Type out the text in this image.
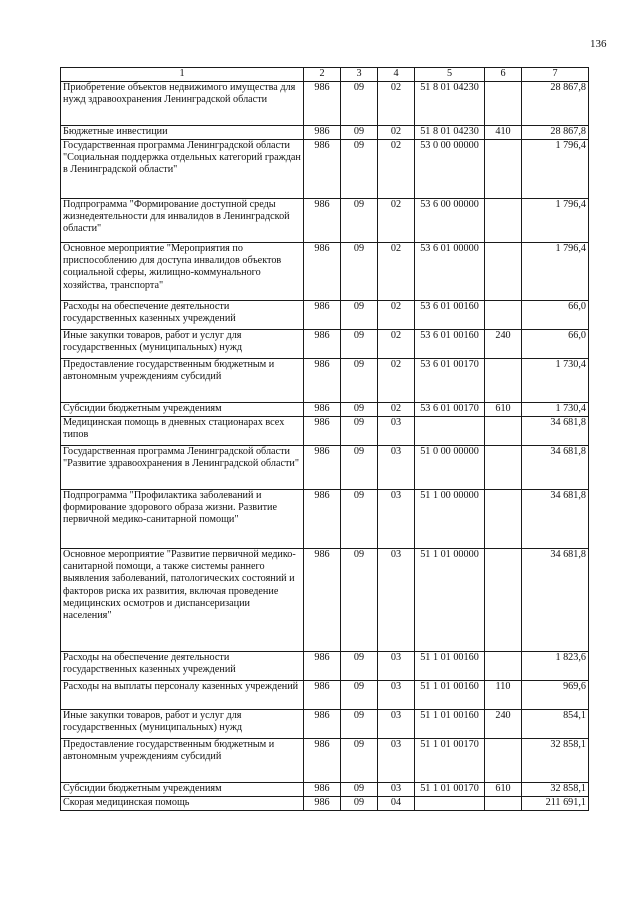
136
1	2	3	4	5	6	7
Приобретение объектов недвижимого имущества для нужд здравоохранения Ленинградской области	986	09	02	51 8 01 04230		28 867,8
Бюджетные инвестиции	986	09	02	51 8 01 04230	410	28 867,8
Государственная программа Ленинградской области "Социальная поддержка отдельных категорий граждан в Ленинградской области"	986	09	02	53 0 00 00000		1 796,4
Подпрограмма "Формирование доступной среды жизнедеятельности для инвалидов в Ленинградской области"	986	09	02	53 6 00 00000		1 796,4
Основное мероприятие "Мероприятия по приспособлению для доступа инвалидов объектов социальной сферы, жилищно-коммунального хозяйства, транспорта"	986	09	02	53 6 01 00000		1 796,4
Расходы на обеспечение деятельности государственных казенных учреждений	986	09	02	53 6 01 00160		66,0
Иные закупки товаров, работ и услуг для государственных (муниципальных) нужд	986	09	02	53 6 01 00160	240	66,0
Предоставление государственным бюджетным и автономным учреждениям субсидий	986	09	02	53 6 01 00170		1 730,4
Субсидии бюджетным учреждениям	986	09	02	53 6 01 00170	610	1 730,4
Медицинская помощь в дневных стационарах всех типов	986	09	03			34 681,8
Государственная программа Ленинградской области "Развитие здравоохранения в Ленинградской области"	986	09	03	51 0 00 00000		34 681,8
Подпрограмма "Профилактика заболеваний и формирование здорового образа жизни. Развитие первичной медико-санитарной помощи"	986	09	03	51 1 00 00000		34 681,8
Основное мероприятие "Развитие первичной медико-санитарной помощи, а также системы раннего выявления заболеваний, патологических состояний и факторов риска их развития, включая проведение медицинских осмотров и диспансеризации населения"	986	09	03	51 1 01 00000		34 681,8
Расходы на обеспечение деятельности государственных казенных учреждений	986	09	03	51 1 01 00160		1 823,6
Расходы на выплаты персоналу казенных учреждений	986	09	03	51 1 01 00160	110	969,6
Иные закупки товаров, работ и услуг для государственных (муниципальных) нужд	986	09	03	51 1 01 00160	240	854,1
Предоставление государственным бюджетным и автономным учреждениям субсидий	986	09	03	51 1 01 00170		32 858,1
Субсидии бюджетным учреждениям	986	09	03	51 1 01 00170	610	32 858,1
Скорая медицинская помощь	986	09	04			211 691,1
